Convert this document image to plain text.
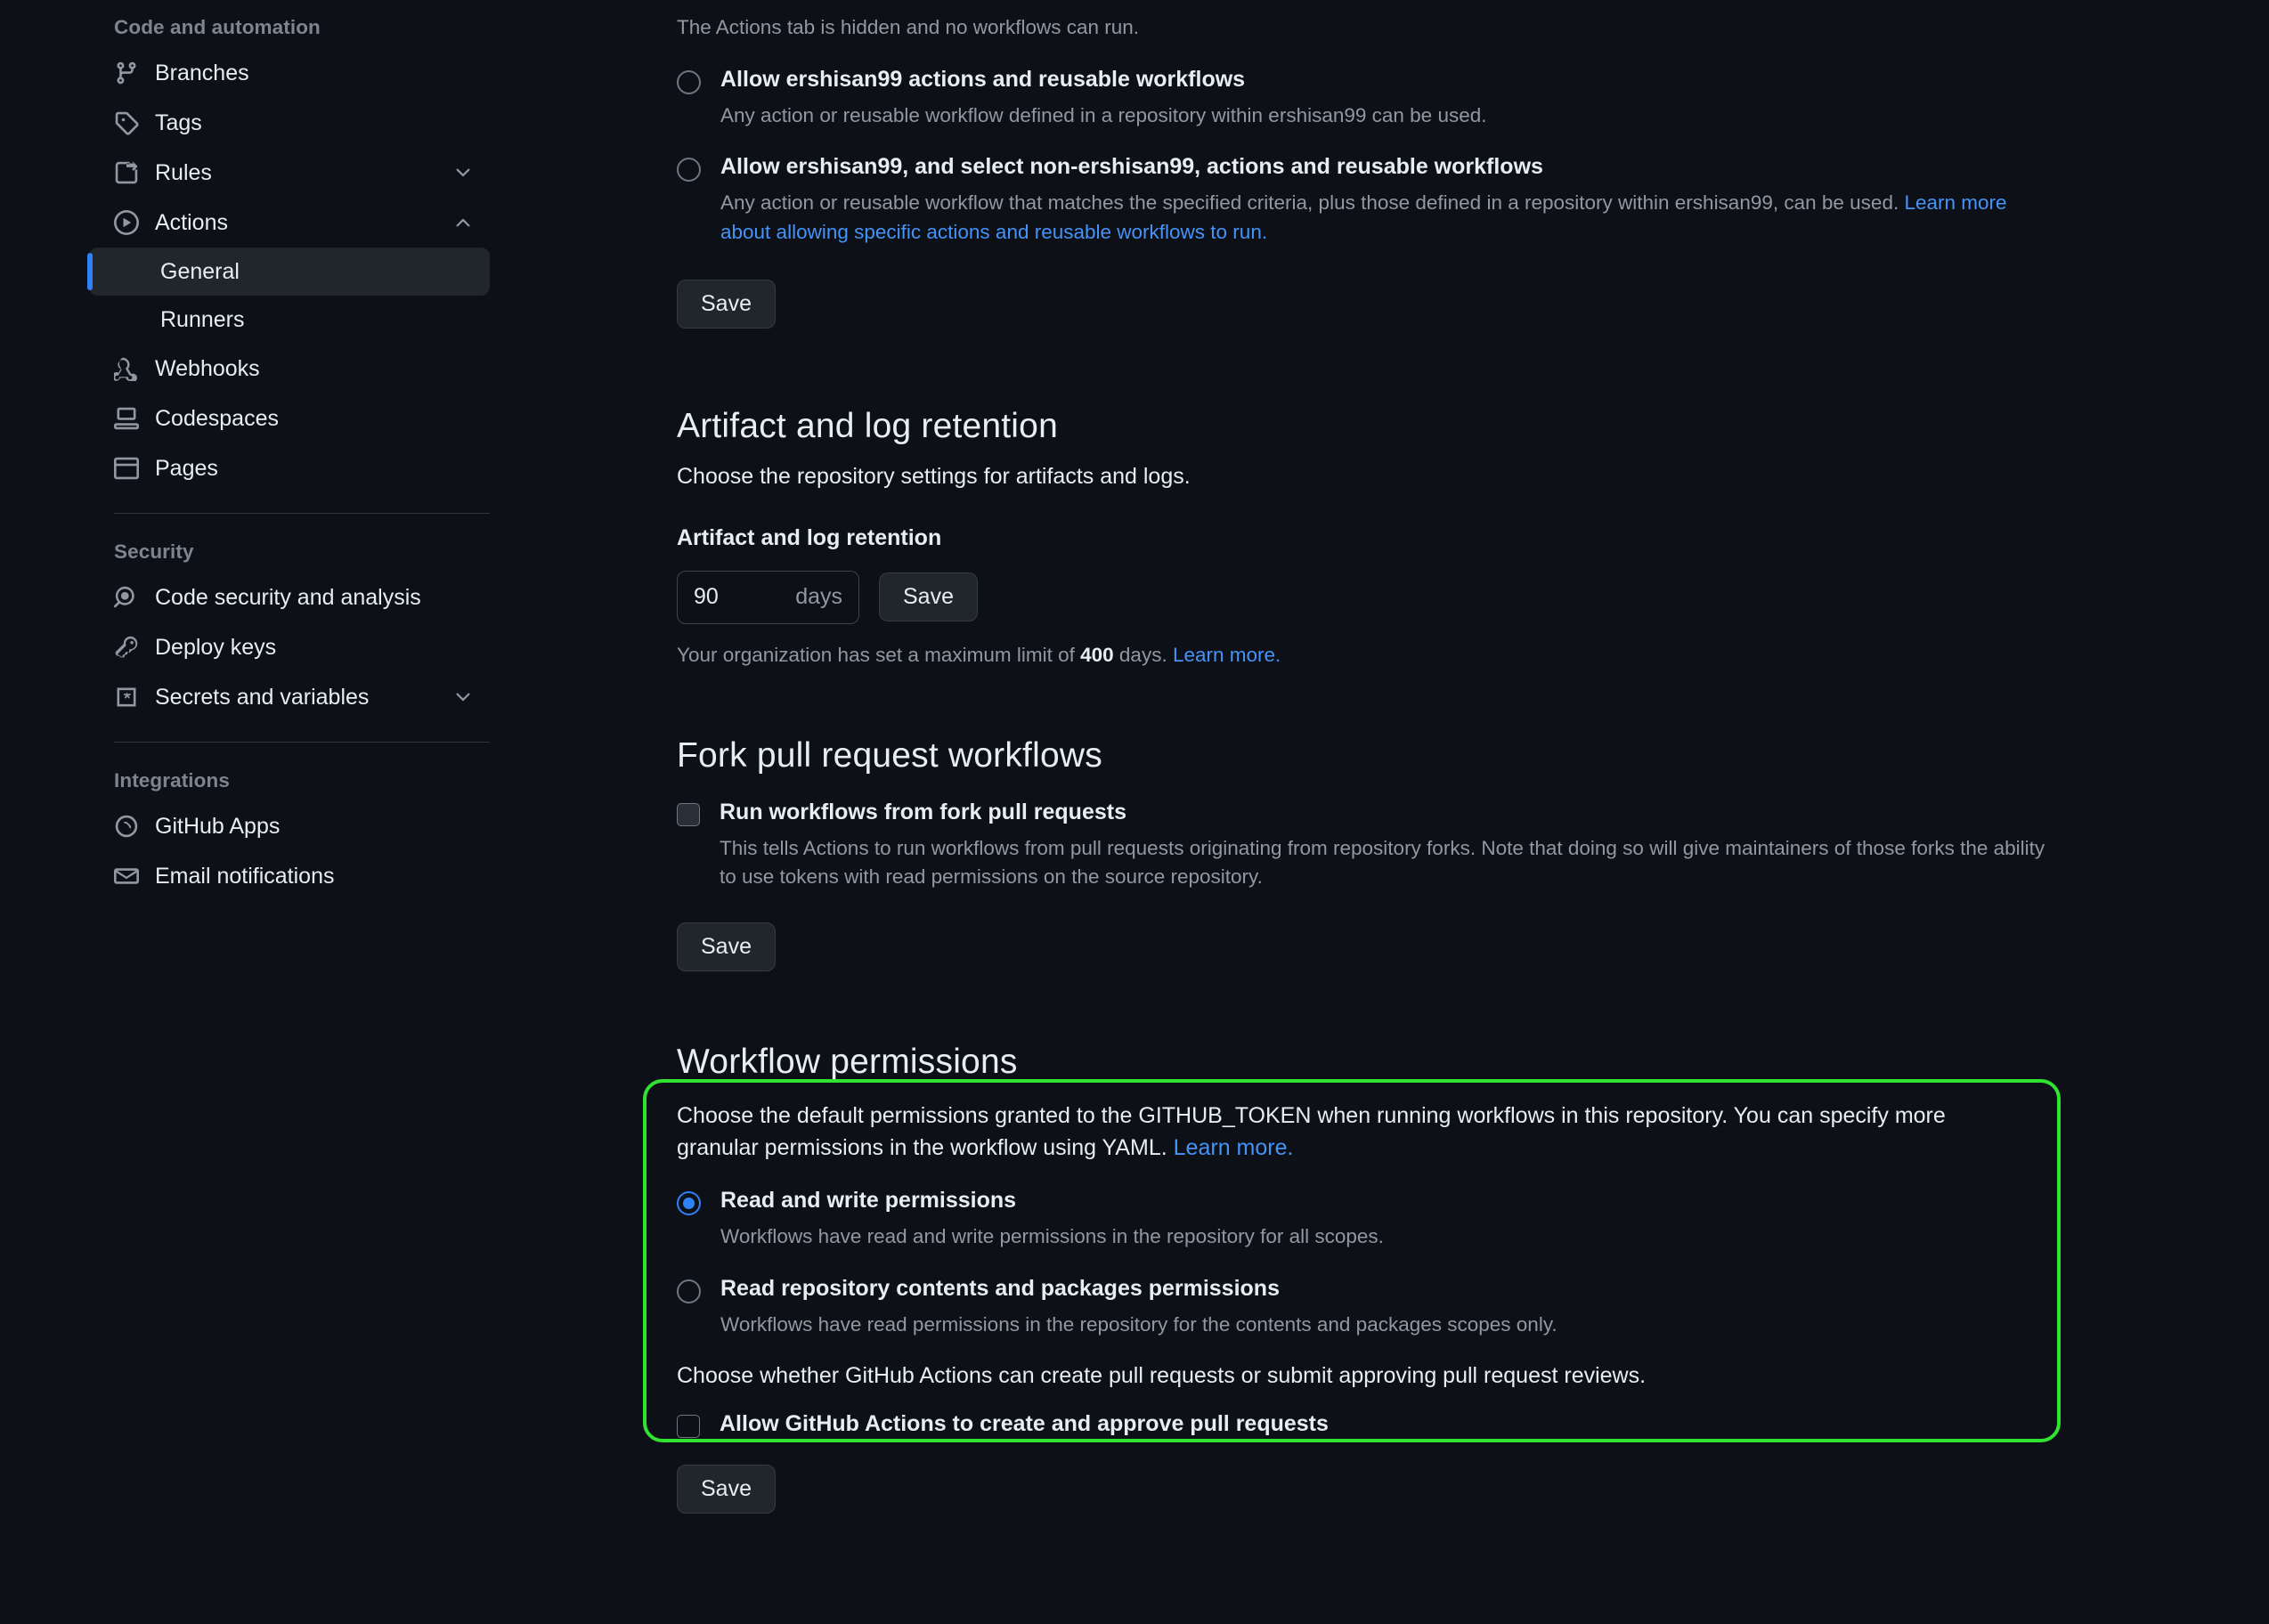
Code and automation
Branches
Tags
Rules
Actions
General
Runners
Webhooks
Codespaces
Pages
Security
Code security and analysis
Deploy keys
Secrets and variables
Integrations
GitHub Apps
Email notifications
The Actions tab is hidden and no workflows can run.
Allow ershisan99 actions and reusable workflows
Any action or reusable workflow defined in a repository within ershisan99 can be used.
Allow ershisan99, and select non-ershisan99, actions and reusable workflows
Any action or reusable workflow that matches the specified criteria, plus those defined in a repository within ershisan99, can be used. Learn more about allowing specific actions and reusable workflows to run.
Save
Artifact and log retention
Choose the repository settings for artifacts and logs.
Artifact and log retention
90	days	Save
Your organization has set a maximum limit of 400 days. Learn more.
Fork pull request workflows
Run workflows from fork pull requests
This tells Actions to run workflows from pull requests originating from repository forks. Note that doing so will give maintainers of those forks the ability to use tokens with read permissions on the source repository.
Save
Workflow permissions
Choose the default permissions granted to the GITHUB_TOKEN when running workflows in this repository. You can specify more granular permissions in the workflow using YAML. Learn more.
Read and write permissions
Workflows have read and write permissions in the repository for all scopes.
Read repository contents and packages permissions
Workflows have read permissions in the repository for the contents and packages scopes only.
Choose whether GitHub Actions can create pull requests or submit approving pull request reviews.
Allow GitHub Actions to create and approve pull requests
Save
